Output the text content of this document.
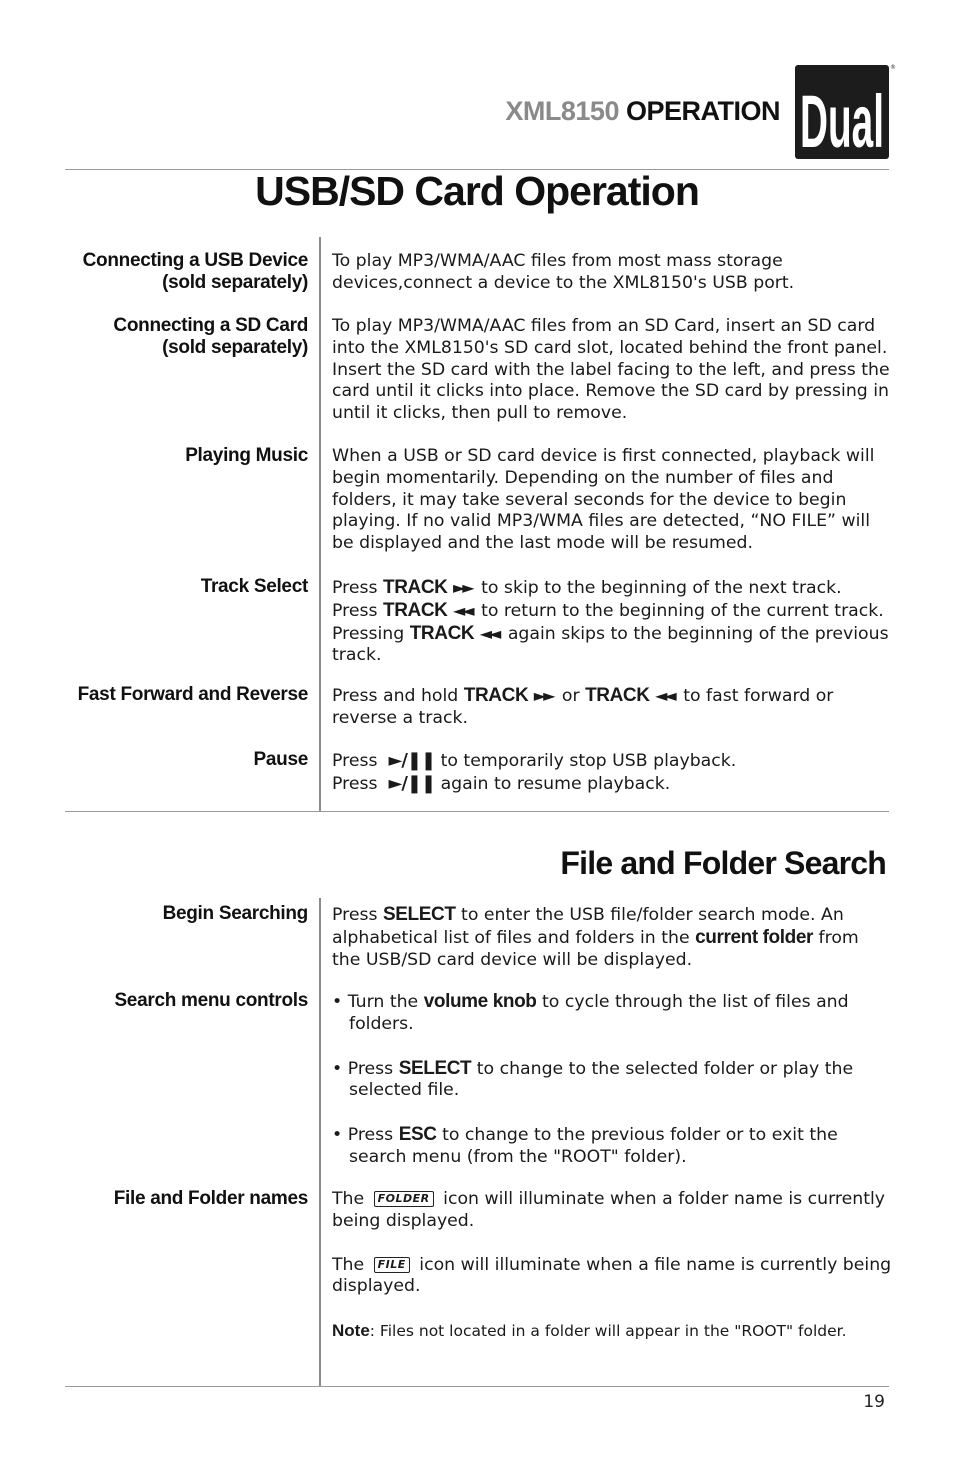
XML8150 OPERATION Dual
®
USB/SD Card Operation
Connecting a USB Device
(sold separately)
To play MP3/WMA/AAC files from most mass storage devices,connect a device to the XML8150's USB port.
Connecting a SD Card
(sold separately)
To play MP3/WMA/AAC files from an SD Card, insert an SD card into the XML8150's SD card slot, located behind the front panel. Insert the SD card with the label facing to the left, and press the card until it clicks into place. Remove the SD card by pressing in until it clicks, then pull to remove.
Playing Music When a USB or SD card device is first connected, playback will begin momentarily. Depending on the number of files and folders, it may take several seconds for the device to begin playing. If no valid MP3/WMA files are detected, “NO FILE” will be displayed and the last mode will be resumed.
Track Select Press TRACK ►► to skip to the beginning of the next track. Press TRACK ◄◄ to return to the beginning of the current track. Pressing TRACK ◄◄ again skips to the beginning of the previous track.
Fast Forward and Reverse Press and hold TRACK ►► or TRACK ◄◄ to fast forward or reverse a track.
Pause Press ►/❚❚ to temporarily stop USB playback.
Press ►/❚❚ again to resume playback.
File and Folder Search
Begin Searching Press SELECT to enter the USB file/folder search mode. An alphabetical list of files and folders in the current folder from the USB/SD card device will be displayed.
Search menu controls • Turn the volume knob to cycle through the list of files and folders.
• Press SELECT to change to the selected folder or play the selected file.
• Press ESC to change to the previous folder or to exit the search menu (from the "ROOT" folder).
File and Folder names The FOLDER icon will illuminate when a folder name is currently being displayed.
The FILE icon will illuminate when a file name is currently being displayed.
Note: Files not located in a folder will appear in the "ROOT" folder.
19
